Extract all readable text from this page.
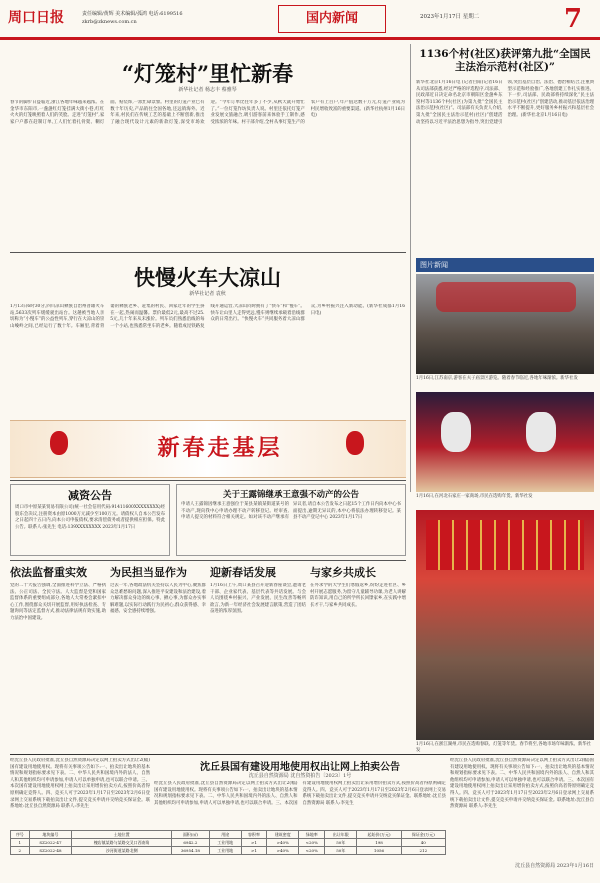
周口日报	责任编辑/黄辉 美术编辑/孤鸿 电话:6199516
zkrb@zknews.com.cn	国内新闻	2023年1月17日 星期二	7
“灯笼村”里忙新春
新华社记者 杨志丰 蔡雅琴
春节的脚步日益临近,浙江各地年味越来越浓。在金华市东阳市,一盏盏红灯笼挂满大街小巷,红红火火的灯笼映照着人们的笑脸。走进“灯笼村”,家家户户都在赶制订单,工人们忙着扎骨架、糊灯面、贴装饰,一派忙碌景象。村里的灯笼产业已有数十年历史,产品销往全国各地,还远销海外。近年来,村民们在传统工艺的基础上不断创新,推出了融合现代设计元素的新款灯笼,深受市场欢迎。“今年订单比往年多了不少,从秋天就开始忙了。”一位灯笼作坊负责人说。村里还依托灯笼产业发展文旅融合,吸引游客前来体验手工制作,感受浓浓的年味。村干部介绍,全村从事灯笼生产的农户有上百户,年产值达数千万元,灯笼产业成为村民增收致富的重要渠道。(新华社杭州1月16日电)
1136个村(社区)获评第九批“全国民主法治示范村(社区)”
新华社北京1月16日电 (记者白阳)记者16日从司法部获悉,经过严格的评选程序,司法部、民政部近日决定命名北京市朝阳区金盏乡东窑村等1136个村(社区)为第九批“全国民主法治示范村(社区)”。司法部有关负责人介绍,第九批“全国民主法治示范村(社区)”创建活动坚持以习近平法治思想为指导,突出党建引领,突出基层自治、法治、德治相结合,注重典型示范和经验推广,各地创建工作扎实推进。下一步,司法部、民政部将持续深化“民主法治示范村(社区)”创建活动,推动基层依法治理水平不断提升,更好服务乡村振兴和基层社会治理。(新华社北京1月16日电)
快慢火车大凉山
新华社记者 袁秋
1月13日6时30分,四川凉山彝族自治州普雄火车站,5633次列车缓缓驶出站台。这趟被当地人亲切称为“小慢车”的公益性列车,穿行在大凉山的崇山峻岭之间,已经运行了数十年。车厢里,背着背篓的彝族老乡、赶集的村民、回家过年的学生挤在一起,热闹而温馨。票价最低2元,最高不过25.5元,几十年来从未涨价。列车员们熟悉沿线的每一个小站,也熟悉常坐车的老乡。随着成昆铁路复线开通运营,大凉山同时拥有了“快车”和“慢车”。快车让山里人走得更远,慢车则继续承载着沿线群众的日常出行。“快慢火车”共同服务着大凉山群众,为乡村振兴注入新动能。(新华社成都1月16日电)
新春走基层
图片新闻
1月16日,江苏南京,游客在夫子庙景区游览。随着春节临近,各地年味渐浓。新华社发
1月16日,在河北石家庄一家商场,市民在选购年货。新华社发
1月16日,在浙江湖州,市民在选购春联、灯笼等年货。春节将至,各地市场年味渐浓。新华社发
减资公告
周口市中原某某贸易有限公司(统一社会信用代码:91411600XXXXXXXX)经股东会决议,注册资本由原1000万元减少至100万元。请债权人自本公告发布之日起四十五日内,向本公司申报债权,要求清偿债务或者提供相应担保。特此公告。联系人:张先生 电话:139XXXXXXXX 2023年1月17日
关于王露锦继承王意强不动产的公告
申请人王露锦因继承王意强位于某县某镇某街道某号的不动产,现向我中心申请办理不动产转移登记。经审查,申请人提交的材料符合相关规定。如对该不动产继承有异议者,请自本公告发布之日起15个工作日内向本中心书面提出,逾期无异议的,本中心将依法办理转移登记。某县不动产登记中心 2023年1月17日
依法监督重实效
党的二十大报告强调,全面推进科学立法、严格执法、公正司法、全民守法。人大监督是党和国家监督体系的重要组成部分,各地人大常委会紧扣中心工作,围绕群众关切开展监督,用好执法检查、专题询问等法定监督方式,推动法律法规有效实施,助力法治中国建设。
为民担当显作为
过去一年,各地政法机关坚持以人民为中心,聚焦群众急难愁盼问题,深入推进平安建设和法治建设,着力解决群众身边的烦心事、揪心事,为群众办实事解难题,以实际行动践行为民初心,群众获得感、幸福感、安全感持续增强。
迎新春话发展
1月16日上午,周口某县召开迎新春座谈会,邀请老干部、企业家代表、基层代表等共话发展。与会人员围绕乡村振兴、产业发展、民生改善等畅所欲言,为新一年经济社会发展建言献策,营造了团结奋进的浓厚氛围。
与家乡共成长
在外求学的大学生们寒假返乡,纷纷走进社区、乡村开展志愿服务,为留守儿童辅导功课,为老人讲解防诈知识,用自己的所学所长回馈家乡,在实践中增长才干,与家乡共同成长。
经沈丘县人民政府批准,沈丘县自然资源局决定以网上拍卖方式出让2(幅)国有建设用地使用权。现将有关事项公告如下:一、拍卖出让地块的基本情况和规划指标要求见下表。二、中华人民共和国境内外的法人、自然人和其他组织均可申请参加,申请人可以单独申请,也可以联合申请。三、本次国有建设用地使用权网上拍卖出让采用增价拍卖方式,按照价高者得原则确定竞得人。四、竞买人可于2023年1月17日至2023年2月6日登录网上交易系统下载拍卖出让文件,提交竞买申请并交纳竞买保证金。联系地址:沈丘县自然资源局 联系人:李先生
沈丘县国有建设用地使用权出让网上拍卖公告
沈丘县自然资源局 沈自然资拍告〔2023〕1号
经沈丘县人民政府批准,沈丘县自然资源局决定以网上拍卖方式出让2(幅)国有建设用地使用权。现将有关事项公告如下:一、拍卖出让地块的基本情况和规划指标要求见下表。二、中华人民共和国境内外的法人、自然人和其他组织均可申请参加,申请人可以单独申请,也可以联合申请。三、本次国有建设用地使用权网上拍卖出让采用增价拍卖方式,按照价高者得原则确定竞得人。四、竞买人可于2023年1月17日至2023年2月6日登录网上交易系统下载拍卖出让文件,提交竞买申请并交纳竞买保证金。联系地址:沈丘县自然资源局 联系人:李先生
经沈丘县人民政府批准,沈丘县自然资源局决定以网上拍卖方式出让2(幅)国有建设用地使用权。现将有关事项公告如下:一、拍卖出让地块的基本情况和规划指标要求见下表。二、中华人民共和国境内外的法人、自然人和其他组织均可申请参加,申请人可以单独申请,也可以联合申请。三、本次国有建设用地使用权网上拍卖出让采用增价拍卖方式,按照价高者得原则确定竞得人。四、竞买人可于2023年1月17日至2023年2月6日登录网上交易系统下载拍卖出让文件,提交竞买申请并交纳竞买保证金。联系地址:沈丘县自然资源局 联系人:李先生
沈丘县自然资源局 2023年1月16日
序号	地块编号	土地位置	面积(㎡)	用途	容积率	建筑密度	绿地率	出让年限	起始价(万元)	保证金(万元)
1	SZ2022-47	槐店镇某路与某路交叉口西南角	6942.2	工业用地	>1	>40%	<20%	50年	198	40
2	SZ2022-48	沙河街道某路北侧	36954.18	工业用地	>1	>40%	<20%	50年	1056	212
